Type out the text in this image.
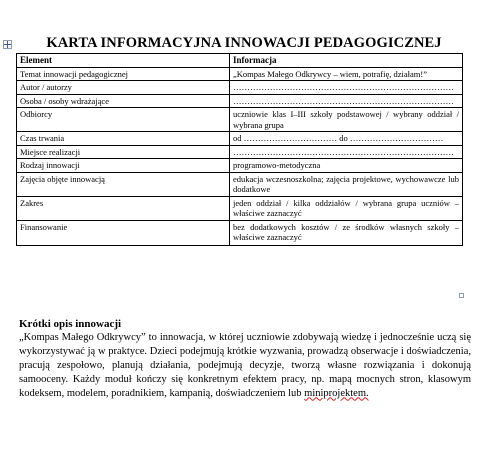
KARTA INFORMACYJNA INNOWACJI PEDAGOGICZNEJ
Element	Informacja
Temat innowacji pedagogicznej	„Kompas Małego Odkrywcy – wiem, potrafię, działam!”
Autor / autorzy	……………………………………………………………………
Osoba / osoby wdrażające	……………………………………………………………………
Odbiorcy	uczniowie klas I–III szkoły podstawowej / wybrany oddział / wybrana grupa
Czas trwania	od …………………………… do ……………………………
Miejsce realizacji	……………………………………………………………………
Rodzaj innowacji	programowo-metodyczna
Zajęcia objęte innowacją	edukacja wczesnoszkolna; zajęcia projektowe, wychowawcze lub dodatkowe
Zakres	jeden oddział / kilka oddziałów / wybrana grupa uczniów – właściwe zaznaczyć
Finansowanie	bez dodatkowych kosztów / ze środków własnych szkoły – właściwe zaznaczyć
Krótki opis innowacji

„Kompas Małego Odkrywcy” to innowacja, w której uczniowie zdobywają wiedzę i jednocześnie uczą się wykorzystywać ją w praktyce. Dzieci podejmują krótkie wyzwania, prowadzą obserwacje i doświadczenia, pracują zespołowo, planują działania, podejmują decyzje, tworzą własne rozwiązania i dokonują samooceny. Każdy moduł kończy się konkretnym efektem pracy, np. mapą mocnych stron, klasowym kodeksem, modelem, poradnikiem, kampanią, doświadczeniem lub miniprojektem.
